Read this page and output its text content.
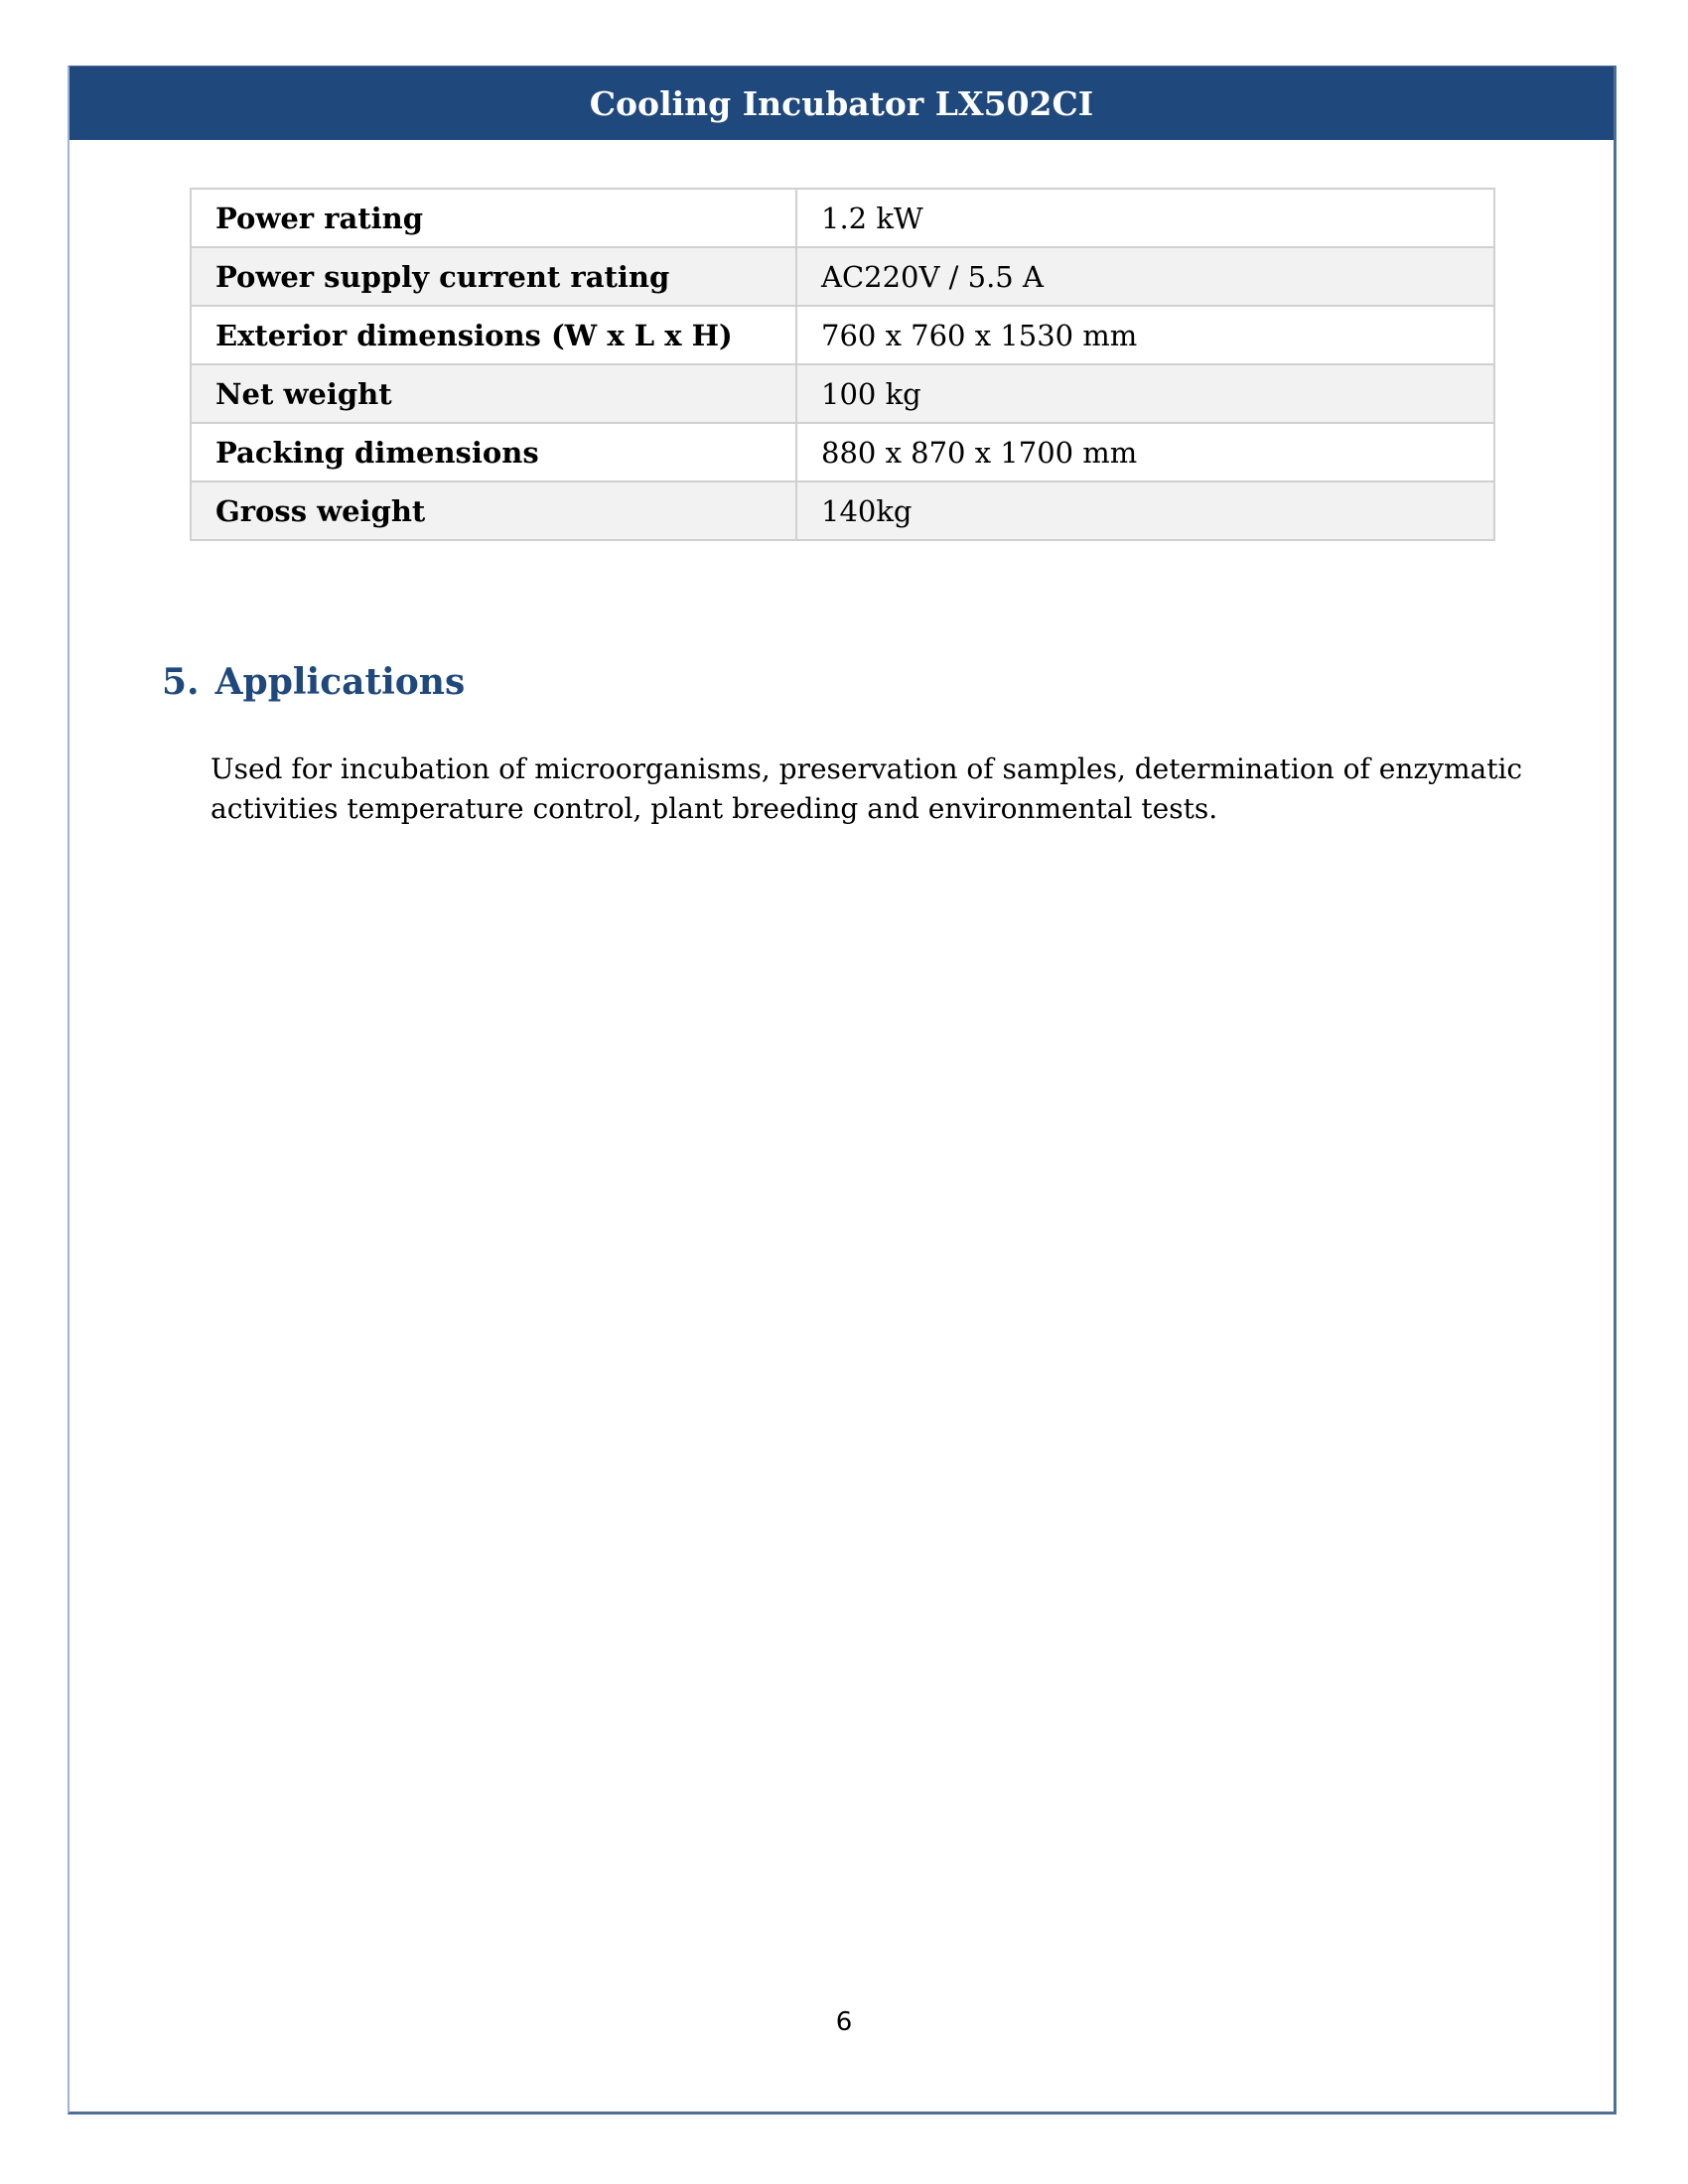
Cooling Incubator LX502CI
Power rating	1.2 kW
Power supply current rating	AC220V / 5.5 A
Exterior dimensions (W x L x H)	760 x 760 x 1530 mm
Net weight	100 kg
Packing dimensions	880 x 870 x 1700 mm
Gross weight	140kg
5. Applications

Used for incubation of microorganisms, preservation of samples, determination of enzymatic activities temperature control, plant breeding and environmental tests.

6
